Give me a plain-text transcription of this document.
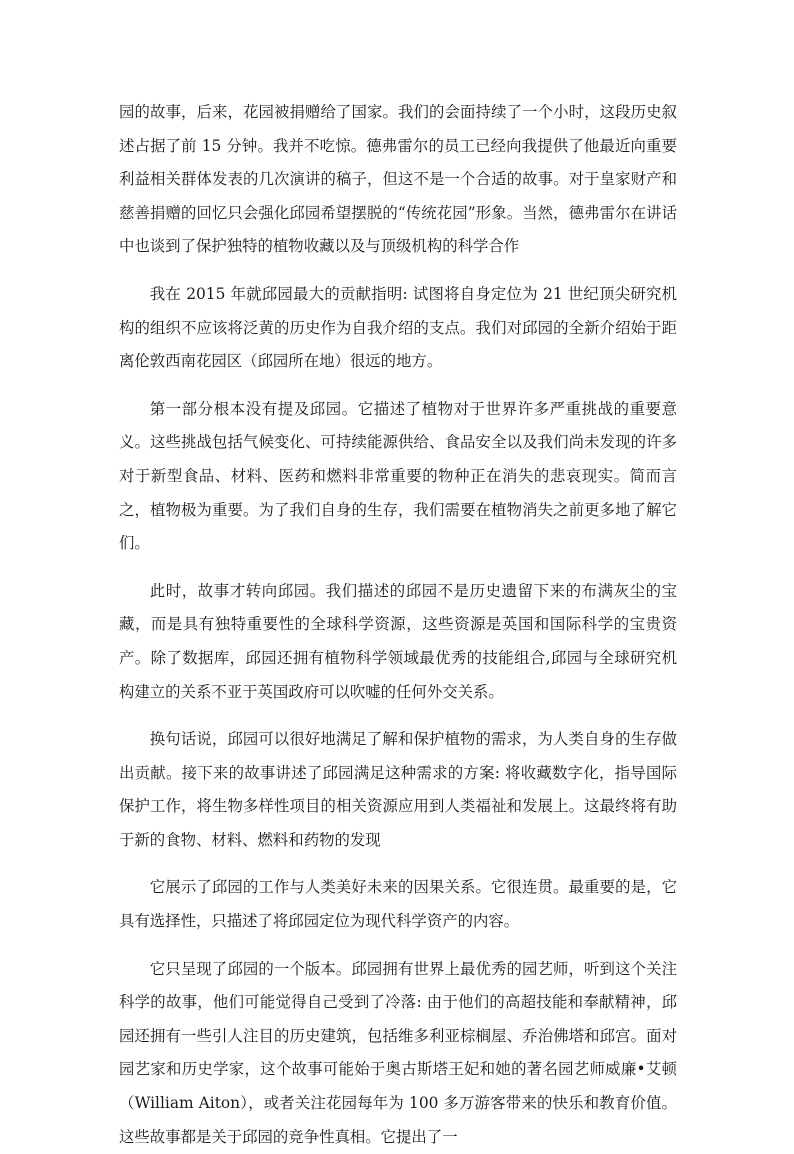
园的故事，后来，花园被捐赠给了国家。我们的会面持续了一个小时，这段历史叙述占据了前 15 分钟。我并不吃惊。德弗雷尔的员工已经向我提供了他最近向重要利益相关群体发表的几次演讲的稿子，但这不是一个合适的故事。对于皇家财产和慈善捐赠的回忆只会强化邱园希望摆脱的“传统花园”形象。当然，德弗雷尔在讲话中也谈到了保护独特的植物收藏以及与顶级机构的科学合作

我在 2015 年就邱园最大的贡献指明: 试图将自身定位为 21 世纪顶尖研究机构的组织不应该将泛黄的历史作为自我介绍的支点。我们对邱园的全新介绍始于距离伦敦西南花园区（邱园所在地）很远的地方。

第一部分根本没有提及邱园。它描述了植物对于世界许多严重挑战的重要意义。这些挑战包括气候变化、可持续能源供给、食品安全以及我们尚未发现的许多对于新型食品、材料、医药和燃料非常重要的物种正在消失的悲哀现实。简而言之，植物极为重要。为了我们自身的生存，我们需要在植物消失之前更多地了解它们。

此时，故事才转向邱园。我们描述的邱园不是历史遗留下来的布满灰尘的宝藏，而是具有独特重要性的全球科学资源，这些资源是英国和国际科学的宝贵资产。除了数据库，邱园还拥有植物科学领域最优秀的技能组合,邱园与全球研究机构建立的关系不亚于英国政府可以吹嘘的任何外交关系。

换句话说，邱园可以很好地满足了解和保护植物的需求，为人类自身的生存做出贡献。接下来的故事讲述了邱园满足这种需求的方案: 将收藏数字化，指导国际保护工作，将生物多样性项目的相关资源应用到人类福祉和发展上。这最终将有助于新的食物、材料、燃料和药物的发现

它展示了邱园的工作与人类美好未来的因果关系。它很连贯。最重要的是，它具有选择性，只描述了将邱园定位为现代科学资产的内容。

它只呈现了邱园的一个版本。邱园拥有世界上最优秀的园艺师，听到这个关注科学的故事，他们可能觉得自己受到了冷落: 由于他们的高超技能和奉献精神，邱园还拥有一些引人注目的历史建筑，包括维多利亚棕榈屋、乔治佛塔和邱宫。面对园艺家和历史学家，这个故事可能始于奥古斯塔王妃和她的著名园艺师威廉•艾顿（William Aiton），或者关注花园每年为 100 多万游客带来的快乐和教育价值。这些故事都是关于邱园的竞争性真相。它提出了一
